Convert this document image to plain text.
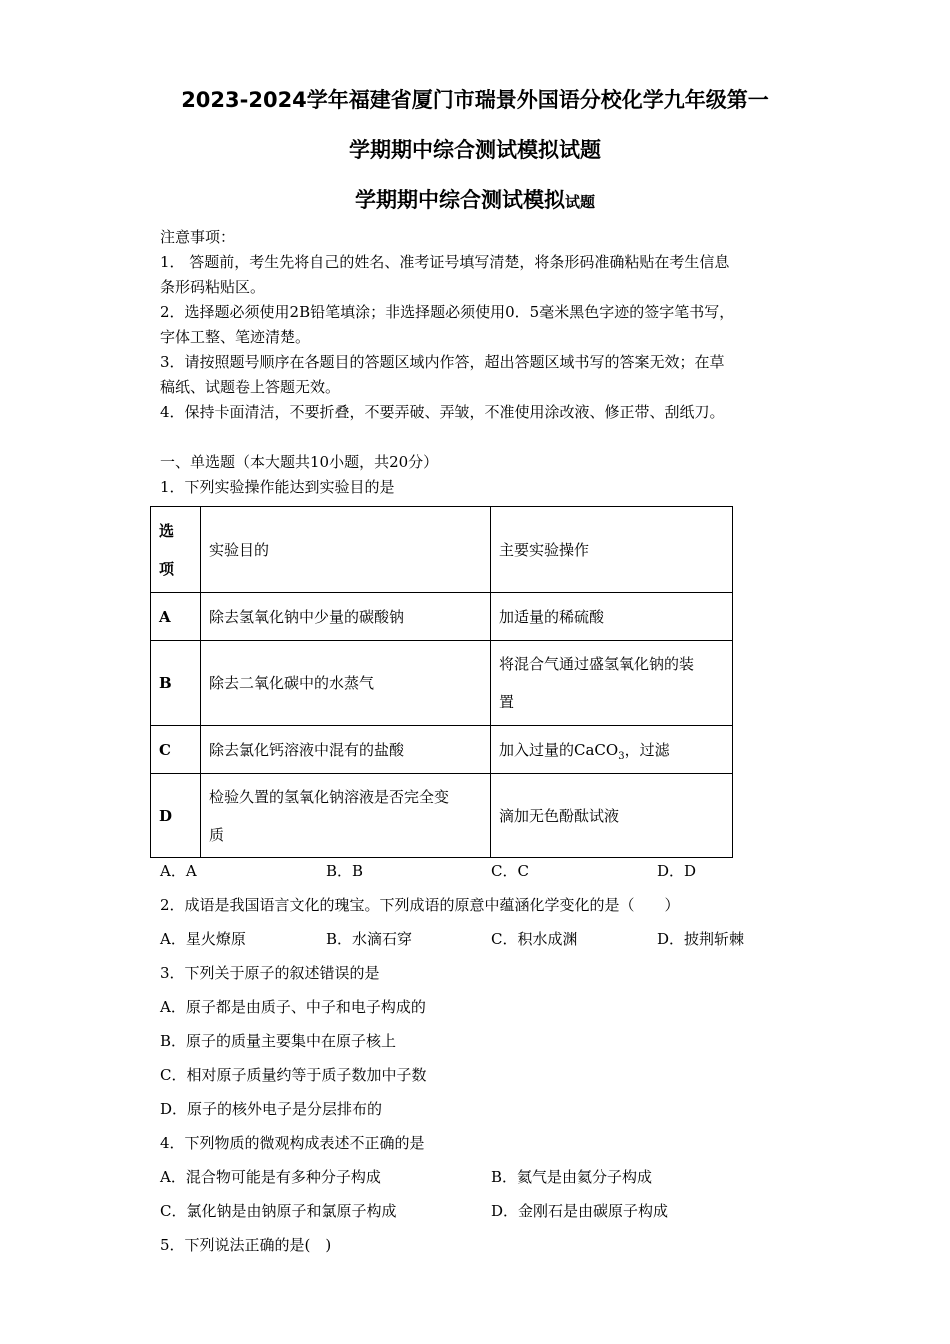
2023-2024学年福建省厦门市瑞景外国语分校化学九年级第一
学期期中综合测试模拟试题
学期期中综合测试模拟试题
注意事项：
1． 答题前，考生先将自己的姓名、准考证号填写清楚，将条形码准确粘贴在考生信息
条形码粘贴区。
2．选择题必须使用2B铅笔填涂；非选择题必须使用0．5毫米黑色字迹的签字笔书写，
字体工整、笔迹清楚。
3．请按照题号顺序在各题目的答题区域内作答，超出答题区域书写的答案无效；在草
稿纸、试题卷上答题无效。
4．保持卡面清洁，不要折叠，不要弄破、弄皱，不准使用涂改液、修正带、刮纸刀。
一、单选题（本大题共10小题，共20分）
1．下列实验操作能达到实验目的是
选
项	实验目的	主要实验操作
A	除去氢氧化钠中少量的碳酸钠	加适量的稀硫酸
B	除去二氧化碳中的水蒸气	将混合气通过盛氢氧化钠的装
置
C	除去氯化钙溶液中混有的盐酸	加入过量的CaCO$_3$，过滤
D	检验久置的氢氧化钠溶液是否完全变
质	滴加无色酚酞试液
A．A	B．B	C．C	D．D
2．成语是我国语言文化的瑰宝。下列成语的原意中蕴涵化学变化的是（　　）
A．星火燎原	B．水滴石穿	C．积水成渊	D．披荆斩棘
3．下列关于原子的叙述错误的是
A．原子都是由质子、中子和电子构成的
B．原子的质量主要集中在原子核上
C．相对原子质量约等于质子数加中子数
D．原子的核外电子是分层排布的
4．下列物质的微观构成表述不正确的是
A．混合物可能是有多种分子构成	B．氦气是由氦分子构成
C．氯化钠是由钠原子和氯原子构成	D．金刚石是由碳原子构成
5．下列说法正确的是(　)
